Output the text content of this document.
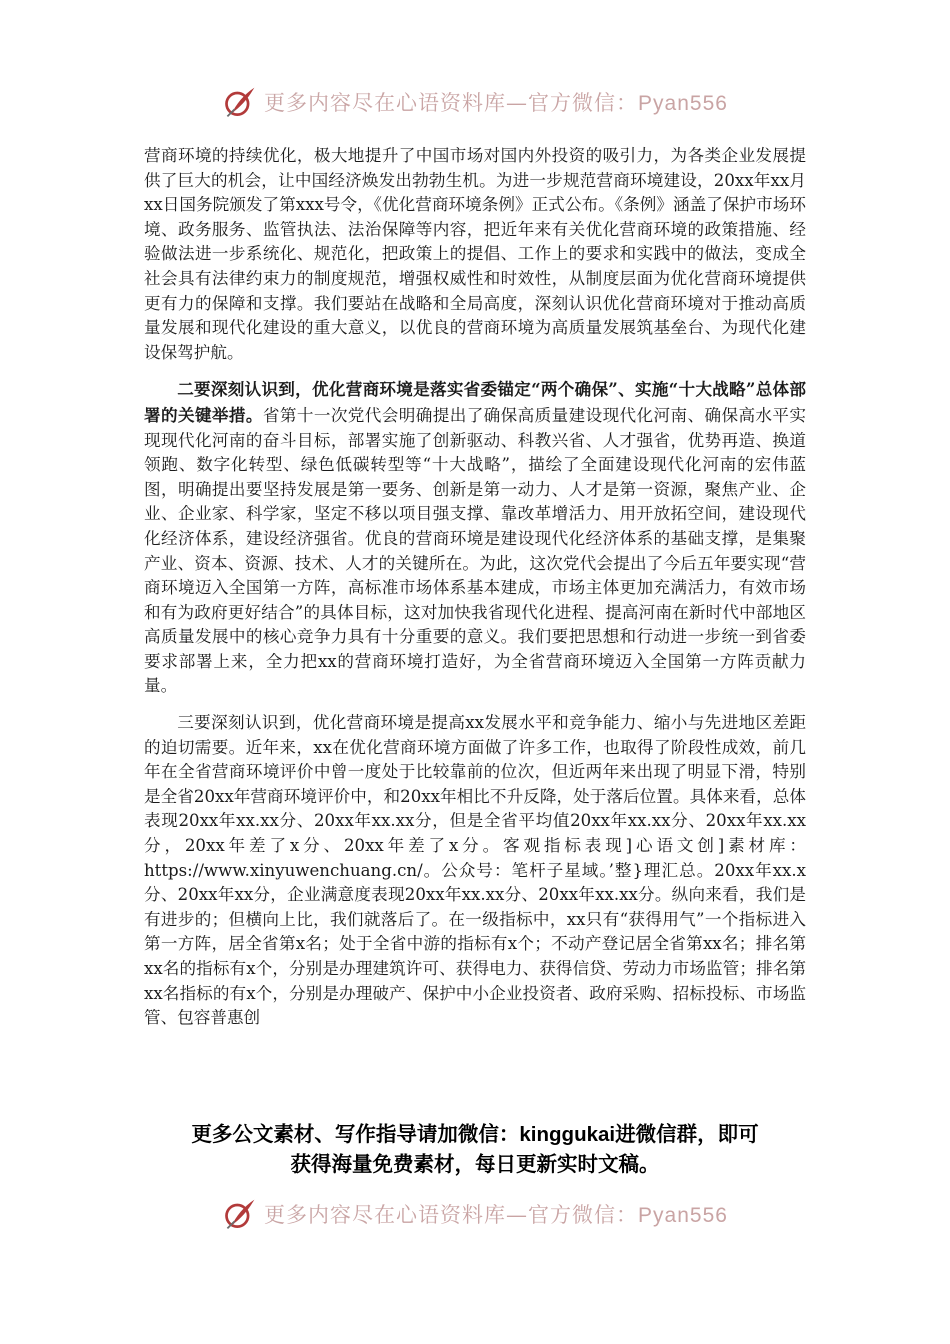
更多内容尽在心语资料库—官方微信：Pyan556

营商环境的持续优化，极大地提升了中国市场对国内外投资的吸引力，为各类企业发展提供了巨大的机会，让中国经济焕发出勃勃生机。为进一步规范营商环境建设，20xx年xx月xx日国务院颁发了第xxx号令，《优化营商环境条例》正式公布。《条例》涵盖了保护市场环境、政务服务、监管执法、法治保障等内容，把近年来有关优化营商环境的政策措施、经验做法进一步系统化、规范化，把政策上的提倡、工作上的要求和实践中的做法，变成全社会具有法律约束力的制度规范，增强权威性和时效性，从制度层面为优化营商环境提供更有力的保障和支撑。我们要站在战略和全局高度，深刻认识优化营商环境对于推动高质量发展和现代化建设的重大意义，以优良的营商环境为高质量发展筑基垒台、为现代化建设保驾护航。

二要深刻认识到，优化营商环境是落实省委锚定“两个确保”、实施“十大战略”总体部署的关键举措。省第十一次党代会明确提出了确保高质量建设现代化河南、确保高水平实现现代化河南的奋斗目标，部署实施了创新驱动、科教兴省、人才强省，优势再造、换道领跑、数字化转型、绿色低碳转型等“十大战略”，描绘了全面建设现代化河南的宏伟蓝图，明确提出要坚持发展是第一要务、创新是第一动力、人才是第一资源，聚焦产业、企业、企业家、科学家，坚定不移以项目强支撑、靠改革增活力、用开放拓空间，建设现代化经济体系，建设经济强省。优良的营商环境是建设现代化经济体系的基础支撑，是集聚产业、资本、资源、技术、人才的关键所在。为此，这次党代会提出了今后五年要实现“营商环境迈入全国第一方阵，高标准市场体系基本建成，市场主体更加充满活力，有效市场和有为政府更好结合”的具体目标，这对加快我省现代化进程、提高河南在新时代中部地区高质量发展中的核心竞争力具有十分重要的意义。我们要把思想和行动进一步统一到省委要求部署上来，全力把xx的营商环境打造好，为全省营商环境迈入全国第一方阵贡献力量。

三要深刻认识到，优化营商环境是提高xx发展水平和竞争能力、缩小与先进地区差距的迫切需要。近年来，xx在优化营商环境方面做了许多工作，也取得了阶段性成效，前几年在全省营商环境评价中曾一度处于比较靠前的位次，但近两年来出现了明显下滑，特别是全省20xx年营商环境评价中，和20xx年相比不升反降，处于落后位置。具体来看，总体表现20xx年xx.xx分、20xx年xx.xx分，但是全省平均值20xx年xx.xx分、20xx年xx.xx分，20xx年差了x分、20xx年差了x分。客观指标表现]心语文创]素材库：https://www.xinyuwenchuang.cn/。公众号：笔杆子星域。’整}理汇总。20xx年xx.x分、20xx年xx分，企业满意度表现20xx年xx.xx分、20xx年xx.xx分。纵向来看，我们是有进步的；但横向上比，我们就落后了。在一级指标中，xx只有“获得用气”一个指标进入第一方阵，居全省第x名；处于全省中游的指标有x个；不动产登记居全省第xx名；排名第xx名的指标有x个，分别是办理建筑许可、获得电力、获得信贷、劳动力市场监管；排名第xx名指标的有x个，分别是办理破产、保护中小企业投资者、政府采购、招标投标、市场监管、包容普惠创

更多公文素材、写作指导请加微信：kinggukai进微信群，即可
获得海量免费素材，每日更新实时文稿。
更多内容尽在心语资料库—官方微信：Pyan556
